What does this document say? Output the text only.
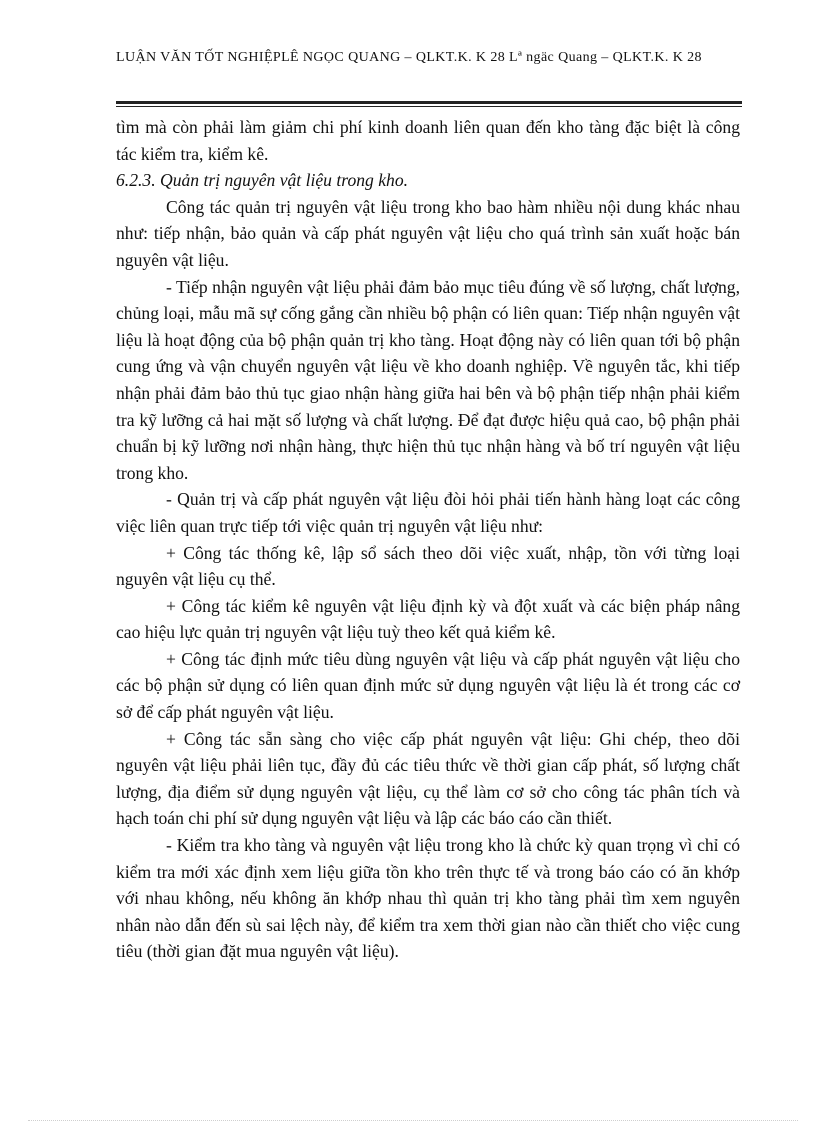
LUẬN VĂN TỐT NGHIỆPLÊ NGỌC QUANG – QLKT.K. K 28 Lª ngäc Quang – QLKT.K. K 28

tìm mà còn phải làm giảm chi phí kinh doanh liên quan đến kho tàng đặc biệt là công tác kiểm tra, kiểm kê.

6.2.3. Quản trị nguyên vật liệu trong kho.

Công tác quản trị nguyên vật liệu trong kho bao hàm nhiều nội dung khác nhau như: tiếp nhận, bảo quản và cấp phát nguyên vật liệu cho quá trình sản xuất hoặc bán nguyên vật liệu.

- Tiếp nhận nguyên vật liệu phải đảm bảo mục tiêu đúng về số lượng, chất lượng, chủng loại, mẫu mã sự cống gắng cần nhiều bộ phận có liên quan: Tiếp nhận nguyên vật liệu là hoạt động của bộ phận quản trị kho tàng. Hoạt động này có liên quan tới bộ phận cung ứng và vận chuyển nguyên vật liệu về kho doanh nghiệp. Về nguyên tắc, khi tiếp nhận phải đảm bảo thủ tục giao nhận hàng giữa hai bên và bộ phận tiếp nhận phải kiểm tra kỹ lưỡng cả hai mặt số lượng và chất lượng. Để đạt được hiệu quả cao, bộ phận phải chuẩn bị kỹ lưỡng nơi nhận hàng, thực hiện thủ tục nhận hàng và bố trí nguyên vật liệu trong kho.

- Quản trị và cấp phát nguyên vật liệu đòi hỏi phải tiến hành hàng loạt các công việc liên quan trực tiếp tới việc quản trị nguyên vật liệu như:

+ Công tác thống kê, lập sổ sách theo dõi việc xuất, nhập, tồn với từng loại nguyên vật liệu cụ thể.

+ Công tác kiểm kê nguyên vật liệu định kỳ và đột xuất và các biện pháp nâng cao hiệu lực quản trị nguyên vật liệu tuỳ theo kết quả kiểm kê.

+ Công tác định mức tiêu dùng nguyên vật liệu và cấp phát nguyên vật liệu cho các bộ phận sử dụng có liên quan định mức sử dụng nguyên vật liệu là ét trong các cơ sở để cấp phát nguyên vật liệu.

+ Công tác sẵn sàng cho việc cấp phát nguyên vật liệu: Ghi chép, theo dõi nguyên vật liệu phải liên tục, đầy đủ các tiêu thức về thời gian cấp phát, số lượng chất lượng, địa điểm sử dụng nguyên vật liệu, cụ thể làm cơ sở cho công tác phân tích và hạch toán chi phí sử dụng nguyên vật liệu và lập các báo cáo cần thiết.

- Kiểm tra kho tàng và nguyên vật liệu trong kho là chức kỳ quan trọng vì chỉ có kiểm tra mới xác định xem liệu giữa tồn kho trên thực tế và trong báo cáo có ăn khớp với nhau không, nếu không ăn khớp nhau thì quản trị kho tàng phải tìm xem nguyên nhân nào dẫn đến sù sai lệch này, để kiểm tra xem thời gian nào cần thiết cho việc cung tiêu (thời gian đặt mua nguyên vật liệu).
